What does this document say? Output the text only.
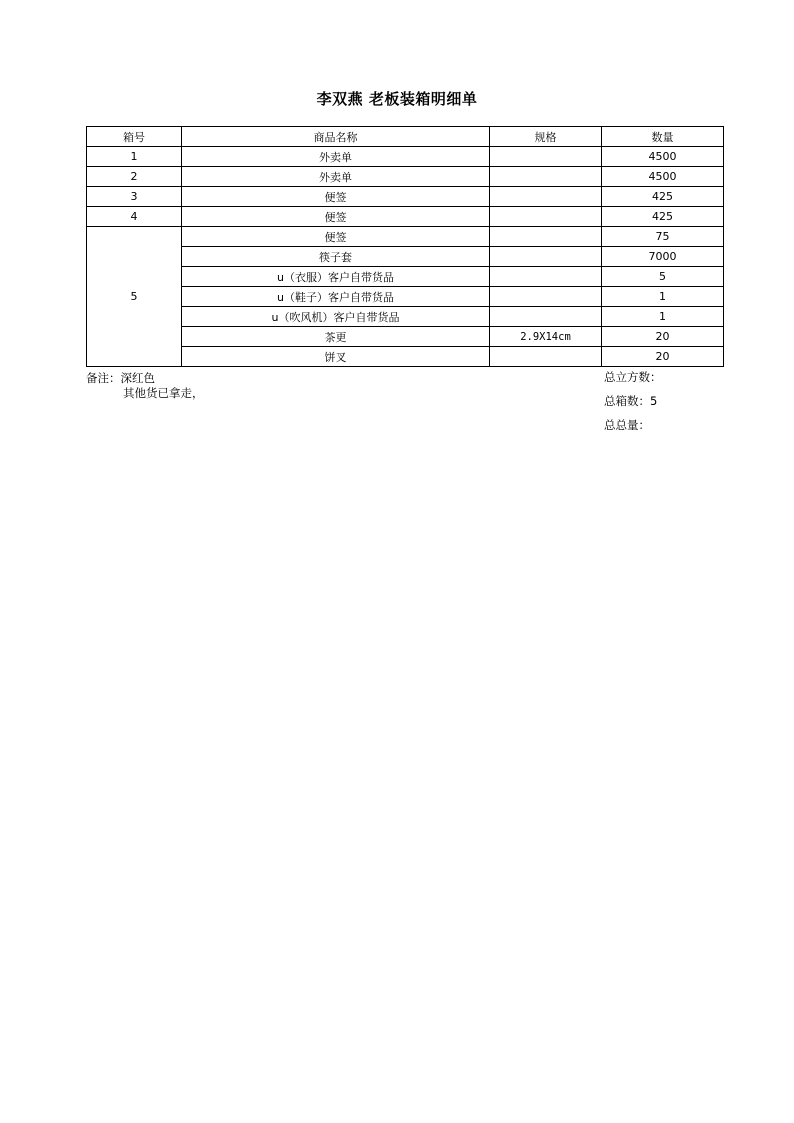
李双燕 老板装箱明细单
箱号	商品名称	规格	数量
1	外卖单		4500
2	外卖单		4500
3	便签		425
4	便签		425
5	便签		75
	筷子套		7000
	u（衣服）客户自带货品		5
	u（鞋子）客户自带货品		1
	u（吹风机）客户自带货品		1
	茶更	2.9X14cm	20
	饼叉		20
备注：深红色
其他货已拿走，
总立方数：
总箱数：5
总总量：
